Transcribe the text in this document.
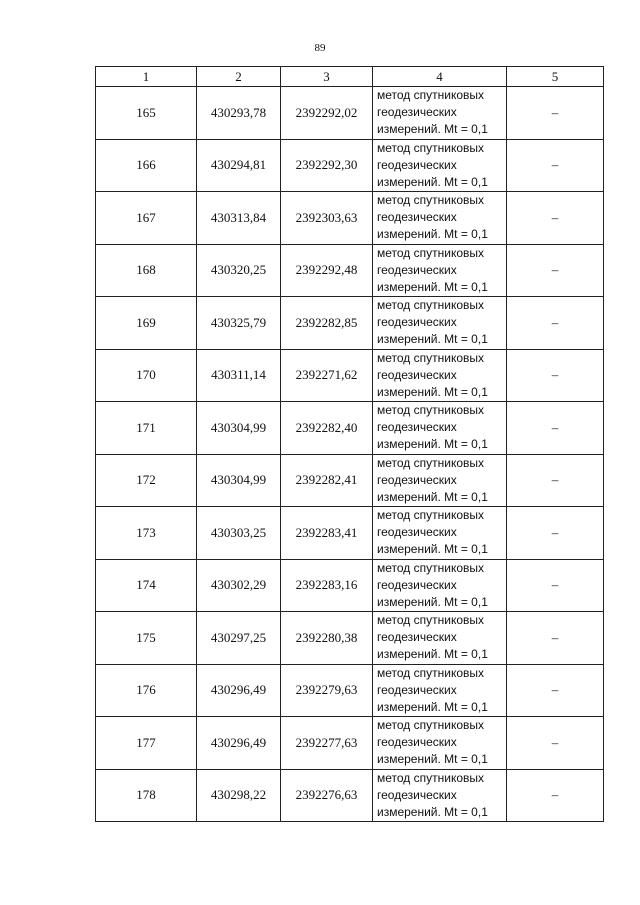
89
1	2	3	4	5
165	430293,78	2392292,02	метод спутниковых
геодезических
измерений. Mt = 0,1	–
166	430294,81	2392292,30	метод спутниковых
геодезических
измерений. Mt = 0,1	–
167	430313,84	2392303,63	метод спутниковых
геодезических
измерений. Mt = 0,1	–
168	430320,25	2392292,48	метод спутниковых
геодезических
измерений. Mt = 0,1	–
169	430325,79	2392282,85	метод спутниковых
геодезических
измерений. Mt = 0,1	–
170	430311,14	2392271,62	метод спутниковых
геодезических
измерений. Mt = 0,1	–
171	430304,99	2392282,40	метод спутниковых
геодезических
измерений. Mt = 0,1	–
172	430304,99	2392282,41	метод спутниковых
геодезических
измерений. Mt = 0,1	–
173	430303,25	2392283,41	метод спутниковых
геодезических
измерений. Mt = 0,1	–
174	430302,29	2392283,16	метод спутниковых
геодезических
измерений. Mt = 0,1	–
175	430297,25	2392280,38	метод спутниковых
геодезических
измерений. Mt = 0,1	–
176	430296,49	2392279,63	метод спутниковых
геодезических
измерений. Mt = 0,1	–
177	430296,49	2392277,63	метод спутниковых
геодезических
измерений. Mt = 0,1	–
178	430298,22	2392276,63	метод спутниковых
геодезических
измерений. Mt = 0,1	–
